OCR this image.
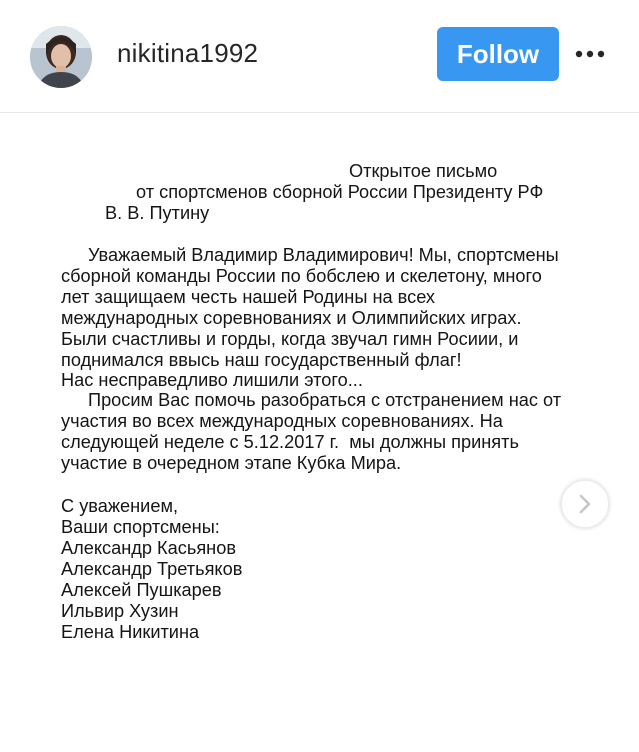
nikitina1992	Follow
Открытое письмо
от спортсменов сборной России Президенту РФ
В. В. Путину
Уважаемый Владимир Владимирович! Мы, спортсмены
сборной команды России по бобслею и скелетону, много
лет защищаем честь нашей Родины на всех
международных соревнованиях и Олимпийских играх.
Были счастливы и горды, когда звучал гимн Росиии, и
поднимался ввысь наш государственный флаг!
Нас несправедливо лишили этого...
Просим Вас помочь разобраться с отстранением нас от
участия во всех международных соревнованиях. На
следующей неделе с 5.12.2017 г.  мы должны принять
участие в очередном этапе Кубка Мира.
С уважением,
Ваши спортсмены:
Александр Касьянов
Александр Третьяков
Алексей Пушкарев
Ильвир Хузин
Елена Никитина
